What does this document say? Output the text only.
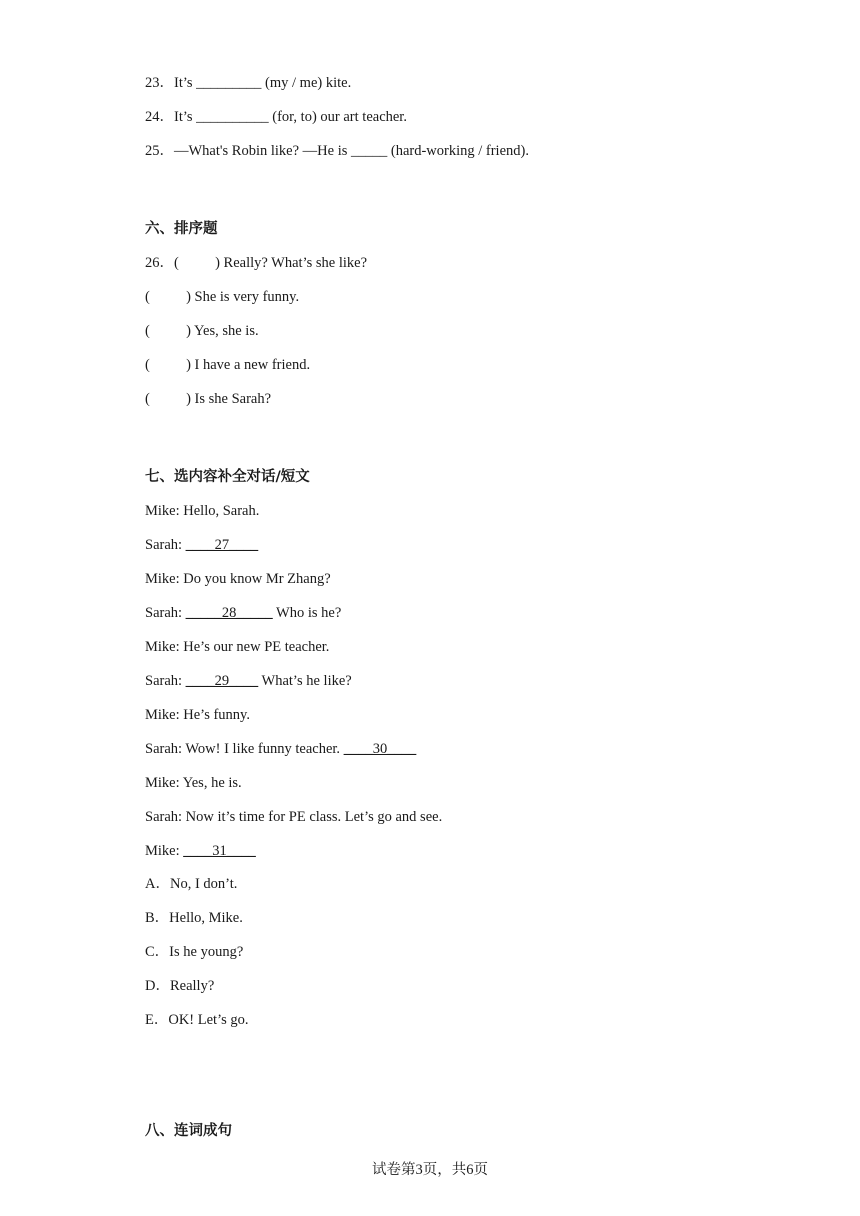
23．It’s _________ (my / me) kite.
24．It’s __________ (for, to) our art teacher.
25．—What's Robin like? —He is _____ (hard-working / friend).
六、排序题
26．(          ) Really? What’s she like?
(          ) She is very funny.
(          ) Yes, she is.
(          ) I have a new friend.
(          ) Is she Sarah?
七、选内容补全对话/短文
Mike: Hello, Sarah.
Sarah: ____27____
Mike: Do you know Mr Zhang?
Sarah: _____28_____ Who is he?
Mike: He’s our new PE teacher.
Sarah: ____29____ What’s he like?
Mike: He’s funny.
Sarah: Wow! I like funny teacher. ____30____
Mike: Yes, he is.
Sarah: Now it’s time for PE class. Let’s go and see.
Mike: ____31____
A．No, I don’t.
B．Hello, Mike.
C．Is he young?
D．Really?
E．OK! Let’s go.
八、连词成句
试卷第3页，共6页
